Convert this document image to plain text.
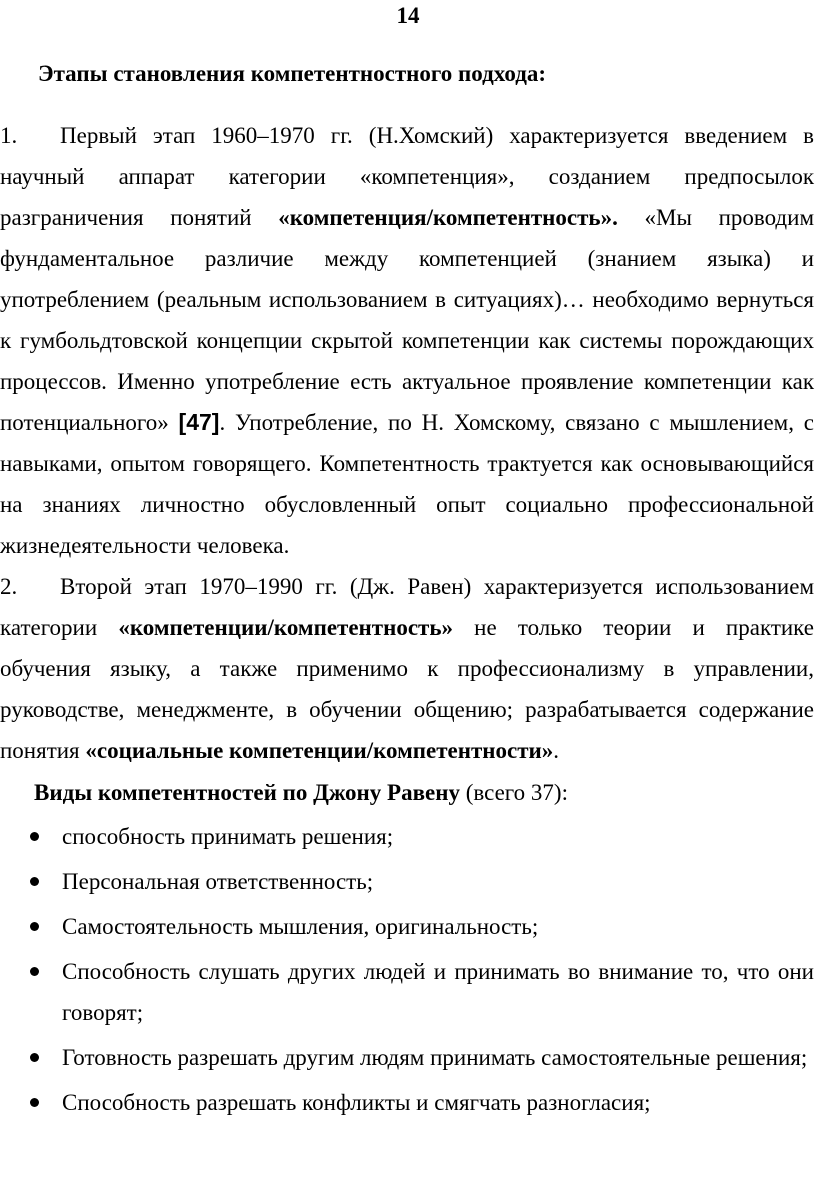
14
Этапы становления компетентностного подхода:

1. Первый этап 1960–1970 гг. (Н.Хомский) характеризуется введением в научный аппарат категории «компетенция», созданием предпосылок разграничения понятий «компетенция/компетентность». «Мы проводим фундаментальное различие между компетенцией (знанием языка) и употреблением (реальным использованием в ситуациях)… необходимо вернуться к гумбольдтовской концепции скрытой компетенции как системы порождающих процессов. Именно употребление есть актуальное проявление компетенции как потенциального» [47]. Употребление, по Н. Хомскому, связано с мышлением, с навыками, опытом говорящего. Компетентность трактуется как основывающийся на знаниях личностно обусловленный опыт социально профессиональной жизнедеятельности человека.

2. Второй этап 1970–1990 гг. (Дж. Равен) характеризуется использованием категории «компетенции/компетентность» не только теории и практике обучения языку, а также применимо к профессионализму в управлении, руководстве, менеджменте, в обучении общению; разрабатывается содержание понятия «социальные компетенции/компетентности».

Виды компетентностей по Джону Равену (всего 37):

способность принимать решения;
Персональная ответственность;
Самостоятельность мышления, оригинальность;
Способность слушать других людей и принимать во внимание то, что они говорят;
Готовность разрешать другим людям принимать самостоятельные решения;
Способность разрешать конфликты и смягчать разногласия;
